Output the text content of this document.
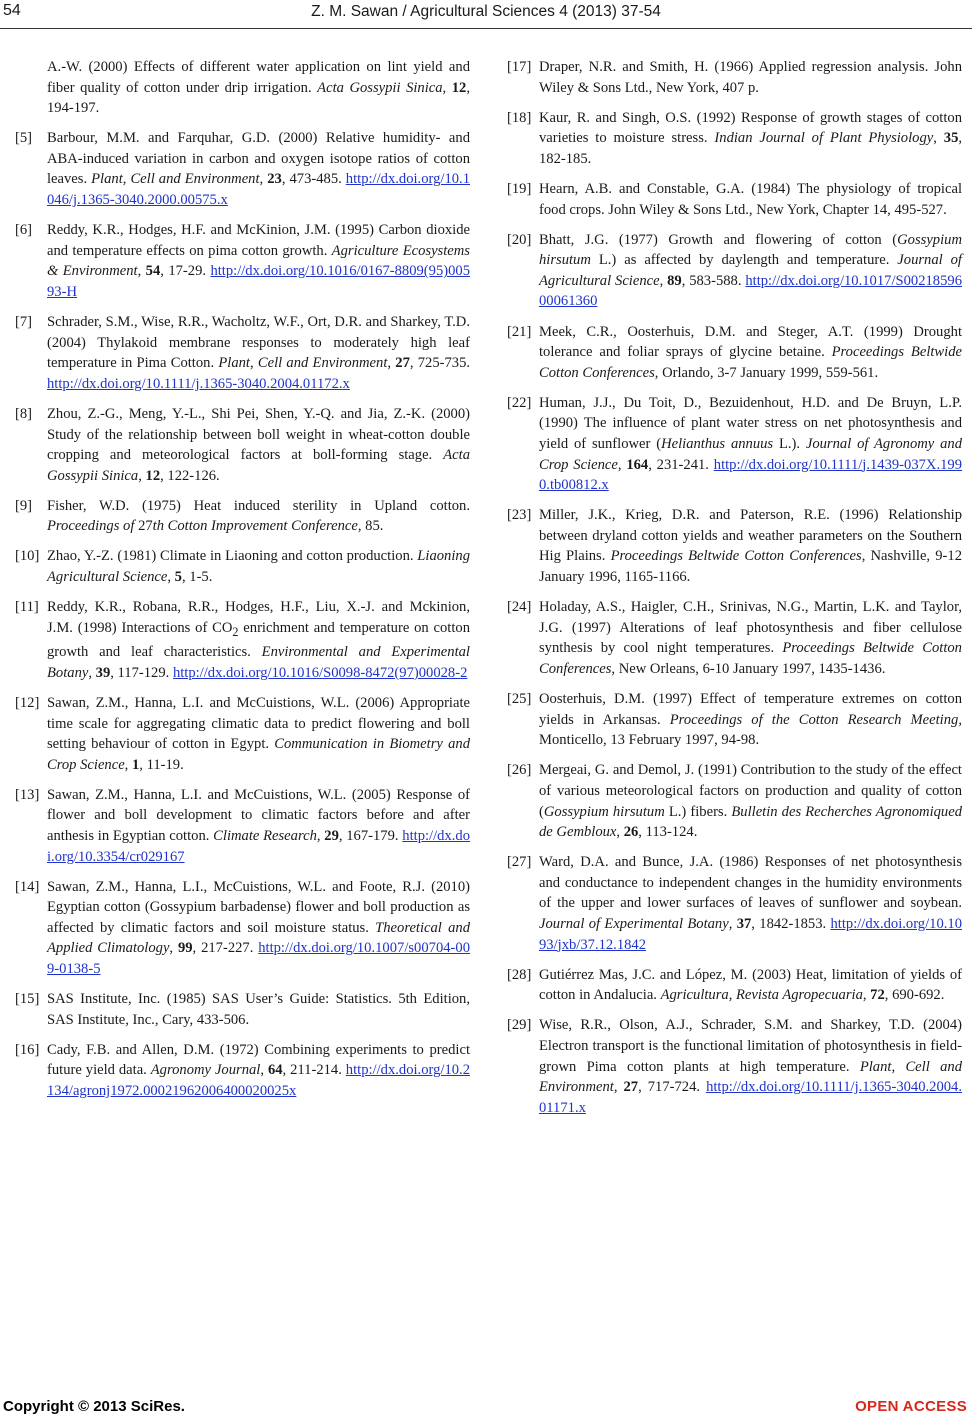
54	Z. M. Sawan / Agricultural Sciences 4 (2013) 37-54
A.-W. (2000) Effects of different water application on lint yield and fiber quality of cotton under drip irrigation. Acta Gossypii Sinica, 12, 194-197.
[5] Barbour, M.M. and Farquhar, G.D. (2000) Relative humidity- and ABA-induced variation in carbon and oxygen isotope ratios of cotton leaves. Plant, Cell and Environment, 23, 473-485. http://dx.doi.org/10.1046/j.1365-3040.2000.00575.x
[6] Reddy, K.R., Hodges, H.F. and McKinion, J.M. (1995) Carbon dioxide and temperature effects on pima cotton growth. Agriculture Ecosystems & Environment, 54, 17-29. http://dx.doi.org/10.1016/0167-8809(95)00593-H
[7] Schrader, S.M., Wise, R.R., Wacholtz, W.F., Ort, D.R. and Sharkey, T.D. (2004) Thylakoid membrane responses to moderately high leaf temperature in Pima Cotton. Plant, Cell and Environment, 27, 725-735. http://dx.doi.org/10.1111/j.1365-3040.2004.01172.x
[8] Zhou, Z.-G., Meng, Y.-L., Shi Pei, Shen, Y.-Q. and Jia, Z.-K. (2000) Study of the relationship between boll weight in wheat-cotton double cropping and meteorological factors at boll-forming stage. Acta Gossypii Sinica, 12, 122-126.
[9] Fisher, W.D. (1975) Heat induced sterility in Upland cotton. Proceedings of 27th Cotton Improvement Conference, 85.
[10] Zhao, Y.-Z. (1981) Climate in Liaoning and cotton production. Liaoning Agricultural Science, 5, 1-5.
[11] Reddy, K.R., Robana, R.R., Hodges, H.F., Liu, X.-J. and Mckinion, J.M. (1998) Interactions of $CO_2$ enrichment and temperature on cotton growth and leaf characteristics. Environmental and Experimental Botany, 39, 117-129. http://dx.doi.org/10.1016/S0098-8472(97)00028-2
[12] Sawan, Z.M., Hanna, L.I. and McCuistions, W.L. (2006) Appropriate time scale for aggregating climatic data to predict flowering and boll setting behaviour of cotton in Egypt. Communication in Biometry and Crop Science, 1, 11-19.
[13] Sawan, Z.M., Hanna, L.I. and McCuistions, W.L. (2005) Response of flower and boll development to climatic factors before and after anthesis in Egyptian cotton. Climate Research, 29, 167-179. http://dx.doi.org/10.3354/cr029167
[14] Sawan, Z.M., Hanna, L.I., McCuistions, W.L. and Foote, R.J. (2010) Egyptian cotton (Gossypium barbadense) flower and boll production as affected by climatic factors and soil moisture status. Theoretical and Applied Climatology, 99, 217-227. http://dx.doi.org/10.1007/s00704-009-0138-5
[15] SAS Institute, Inc. (1985) SAS User’s Guide: Statistics. 5th Edition, SAS Institute, Inc., Cary, 433-506.
[16] Cady, F.B. and Allen, D.M. (1972) Combining experiments to predict future yield data. Agronomy Journal, 64, 211-214. http://dx.doi.org/10.2134/agronj1972.00021962006400020025x
[17] Draper, N.R. and Smith, H. (1966) Applied regression analysis. John Wiley & Sons Ltd., New York, 407 p.
[18] Kaur, R. and Singh, O.S. (1992) Response of growth stages of cotton varieties to moisture stress. Indian Journal of Plant Physiology, 35, 182-185.
[19] Hearn, A.B. and Constable, G.A. (1984) The physiology of tropical food crops. John Wiley & Sons Ltd., New York, Chapter 14, 495-527.
[20] Bhatt, J.G. (1977) Growth and flowering of cotton (Gossypium hirsutum L.) as affected by daylength and temperature. Journal of Agricultural Science, 89, 583-588. http://dx.doi.org/10.1017/S0021859600061360
[21] Meek, C.R., Oosterhuis, D.M. and Steger, A.T. (1999) Drought tolerance and foliar sprays of glycine betaine. Proceedings Beltwide Cotton Conferences, Orlando, 3-7 January 1999, 559-561.
[22] Human, J.J., Du Toit, D., Bezuidenhout, H.D. and De Bruyn, L.P. (1990) The influence of plant water stress on net photosynthesis and yield of sunflower (Helianthus annuus L.). Journal of Agronomy and Crop Science, 164, 231-241. http://dx.doi.org/10.1111/j.1439-037X.1990.tb00812.x
[23] Miller, J.K., Krieg, D.R. and Paterson, R.E. (1996) Relationship between dryland cotton yields and weather parameters on the Southern Hig Plains. Proceedings Beltwide Cotton Conferences, Nashville, 9-12 January 1996, 1165-1166.
[24] Holaday, A.S., Haigler, C.H., Srinivas, N.G., Martin, L.K. and Taylor, J.G. (1997) Alterations of leaf photosynthesis and fiber cellulose synthesis by cool night temperatures. Proceedings Beltwide Cotton Conferences, New Orleans, 6-10 January 1997, 1435-1436.
[25] Oosterhuis, D.M. (1997) Effect of temperature extremes on cotton yields in Arkansas. Proceedings of the Cotton Research Meeting, Monticello, 13 February 1997, 94-98.
[26] Mergeai, G. and Demol, J. (1991) Contribution to the study of the effect of various meteorological factors on production and quality of cotton (Gossypium hirsutum L.) fibers. Bulletin des Recherches Agronomiqued de Gembloux, 26, 113-124.
[27] Ward, D.A. and Bunce, J.A. (1986) Responses of net photosynthesis and conductance to independent changes in the humidity environments of the upper and lower surfaces of leaves of sunflower and soybean. Journal of Experimental Botany, 37, 1842-1853. http://dx.doi.org/10.1093/jxb/37.12.1842
[28] Gutiérrez Mas, J.C. and López, M. (2003) Heat, limitation of yields of cotton in Andalucia. Agricultura, Revista Agropecuaria, 72, 690-692.
[29] Wise, R.R., Olson, A.J., Schrader, S.M. and Sharkey, T.D. (2004) Electron transport is the functional limitation of photosynthesis in field-grown Pima cotton plants at high temperature. Plant, Cell and Environment, 27, 717-724. http://dx.doi.org/10.1111/j.1365-3040.2004.01171.x
Copyright © 2013 SciRes.	OPEN ACCESS
